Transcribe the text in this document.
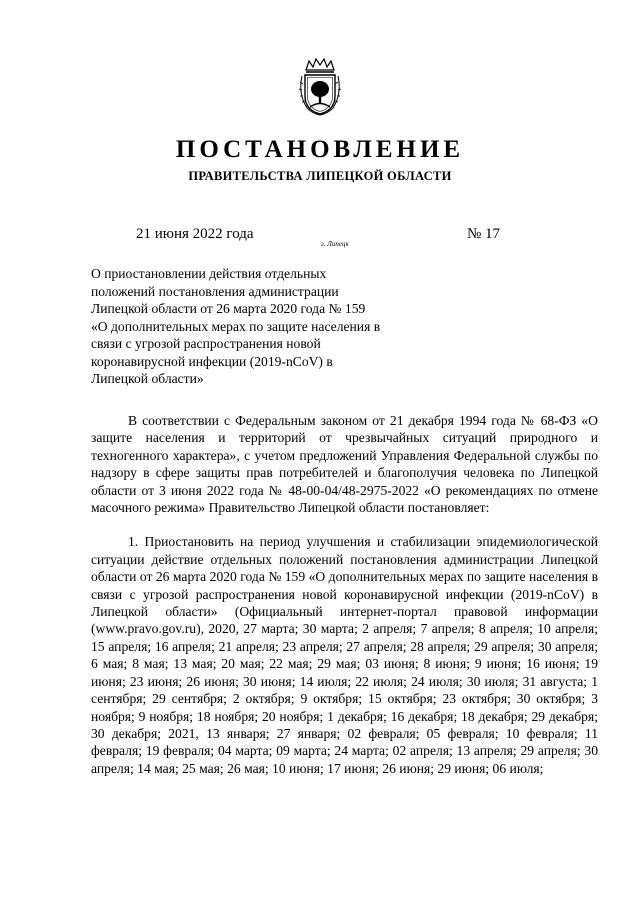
ПОСТАНОВЛЕНИЕ
ПРАВИТЕЛЬСТВА ЛИПЕЦКОЙ ОБЛАСТИ
21 июня 2022 года
г. Липецк
№ 17
О приостановлении действия отдельных
положений постановления администрации
Липецкой области от 26 марта 2020 года № 159
«О дополнительных мерах по защите населения в
связи с угрозой распространения новой
коронавирусной инфекции (2019-nCoV) в
Липецкой области»

В соответствии с Федеральным законом от 21 декабря 1994 года № 68-ФЗ «О защите населения и территорий от чрезвычайных ситуаций природного и техногенного характера», с учетом предложений Управления Федеральной службы по надзору в сфере защиты прав потребителей и благополучия человека по Липецкой области от 3 июня 2022 года № 48-00-04/48-2975-2022 «О рекомендациях по отмене масочного режима» Правительство Липецкой области постановляет:

1. Приостановить на период улучшения и стабилизации эпидемиологической ситуации действие отдельных положений постановления администрации Липецкой области от 26 марта 2020 года № 159 «О дополнительных мерах по защите населения в связи с угрозой распространения новой коронавирусной инфекции (2019-nCoV) в Липецкой области» (Официальный интернет-портал правовой информации (www.pravo.gov.ru), 2020, 27 марта; 30 марта; 2 апреля; 7 апреля; 8 апреля; 10 апреля; 15 апреля; 16 апреля; 21 апреля; 23 апреля; 27 апреля; 28 апреля; 29 апреля; 30 апреля; 6 мая; 8 мая; 13 мая; 20 мая; 22 мая; 29 мая; 03 июня; 8 июня; 9 июня; 16 июня; 19 июня; 23 июня; 26 июня; 30 июня; 14 июля; 22 июля; 24 июля; 30 июля; 31 августа; 1 сентября; 29 сентября; 2 октября; 9 октября; 15 октября; 23 октября; 30 октября; 3 ноября; 9 ноября; 18 ноября; 20 ноября; 1 декабря; 16 декабря; 18 декабря; 29 декабря; 30 декабря; 2021, 13 января; 27 января; 02 февраля; 05 февраля; 10 февраля; 11 февраля; 19 февраля; 04 марта; 09 марта; 24 марта; 02 апреля; 13 апреля; 29 апреля; 30 апреля; 14 мая; 25 мая; 26 мая; 10 июня; 17 июня; 26 июня; 29 июня; 06 июля;
